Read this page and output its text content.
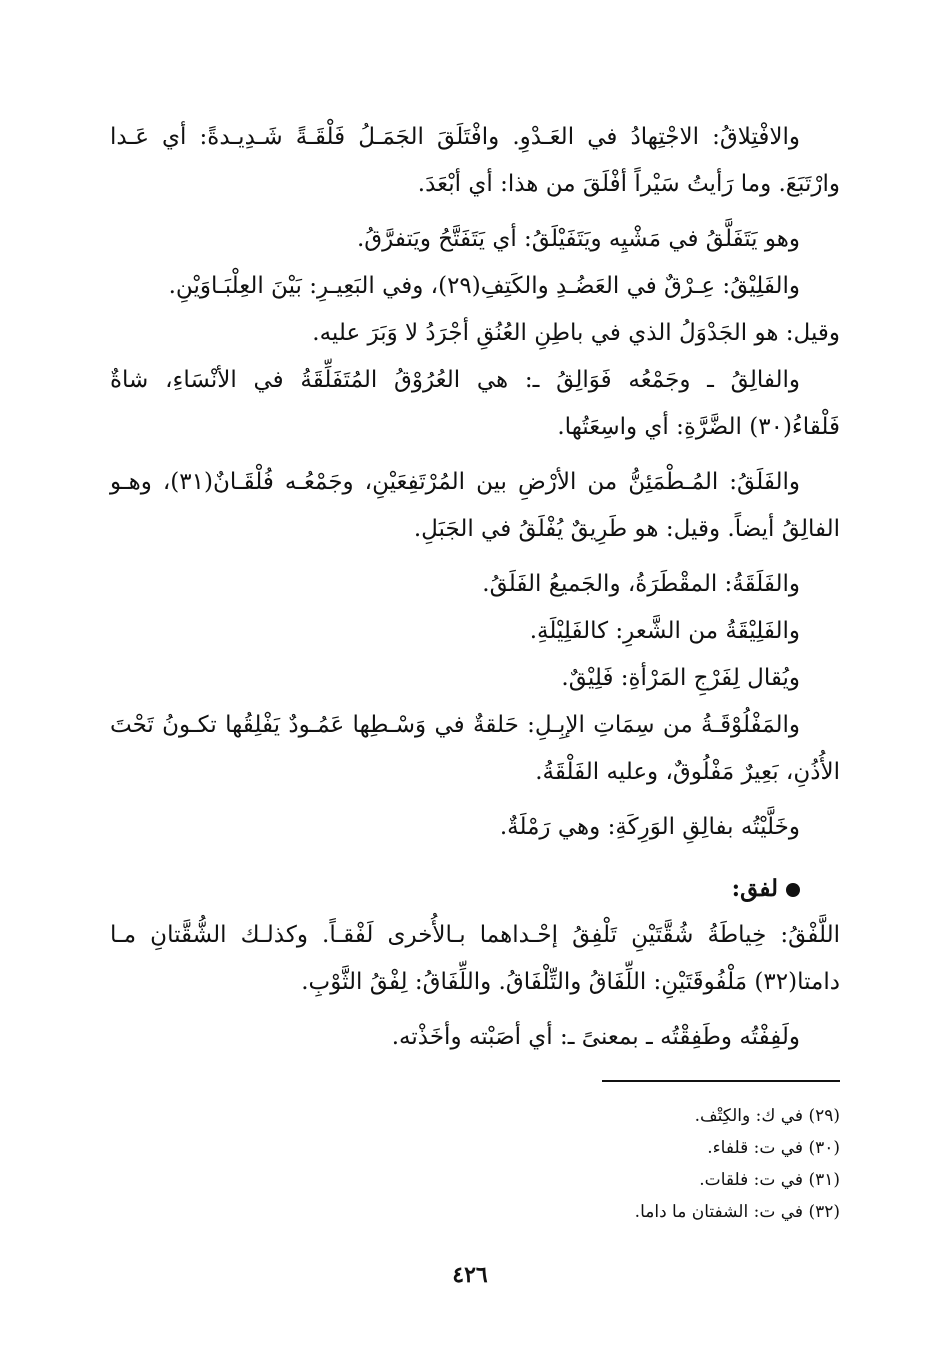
والافْتِلاقُ: الاجْتِهادُ في العَـدْوِ. وافْتَلَقَ الجَمَـلُ فَلْقَـةً شَـدِيـدةً: أي عَـدا وارْتَبَعَ. وما رَأيتُ سَيْراً أفْلَقَ من هذا: أي أبْعَدَ.

وهو يَتَفَلَّقُ في مَشْيِه ويَتَفَيْلَقُ: أي يَتَفَتَّحُ ويَتفرَّقُ.

والفَلِيْقُ: عِـرْقٌ في العَضُـدِ والكَتِفِ(٢٩)، وفي البَعِيـرِ: بَيْنَ العِلْبَـاوَيْنِ.

وقيل: هو الجَدْوَلُ الذي في باطِنِ العُنُقِ أجْرَدُ لا وَبَرَ عليه.

والفالِقُ ـ وجَمْعُه فَوَالِقُ ـ: هي العُرُوْقُ المُتَفَلِّقَةُ في الأنْسَاءِ، شاةٌ فَلْقاءُ(٣٠) الضَّرَّةِ: أي واسِعَتُها.

والفَلَقُ: المُـطْمَئِنُّ من الأرْضِ بين المُرْتَفِعَيْنِ، وجَمْعُـه فُلْقَـانٌ(٣١)، وهـو الفالِقُ أيضاً. وقيل: هو طَرِيقٌ يُفْلَقُ في الجَبَلِ.

والفَلَقَةُ: المقْطَرَةُ، والجَميعُ الفَلَقُ.

والفَلِيْقَةُ من الشَّعرِ: كالفَلِيْلَةِ.

ويُقال لِفَرْجِ المَرْأةِ: فَلِيْقٌ.

والمَفْلُوْقَـةُ من سِمَاتِ الإبِـلِ: حَلقةٌ في وَسْـطِها عَمُـودٌ يَفْلِقُها تكـونُ تَحْتَ الأُذُنِ، بَعِيرٌ مَفْلُوقٌ، وعليه الفَلْقَةُ.

وخَلَّيْتُه بفالِقِ الوَرِكَةِ: وهي رَمْلَةٌ.

لفق:

اللَّفْقُ: خِياطَةُ شُقَّتَيْنِ تَلْفِقُ إحْـداهما بـالأُخرى لَفْقـاً. وكذلـك الشُّقَّتانِ مـا دامتا(٣٢) مَلْفُوقَتَيْنِ: اللِّفَاقُ والتِّلْفَاقُ. واللِّفَاقُ: لِفْقُ الثَّوْبِ.

ولَفِفْتُه وطَفِقْتُه ـ بمعنىً ـ: أي أصَبْته وأخَذْته.

(٢٩) في ك: والكِتْف.

(٣٠) في ت: قلفاء.

(٣١) في ت: فلقات.

(٣٢) في ت: الشفتان ما داما.

٤٢٦
